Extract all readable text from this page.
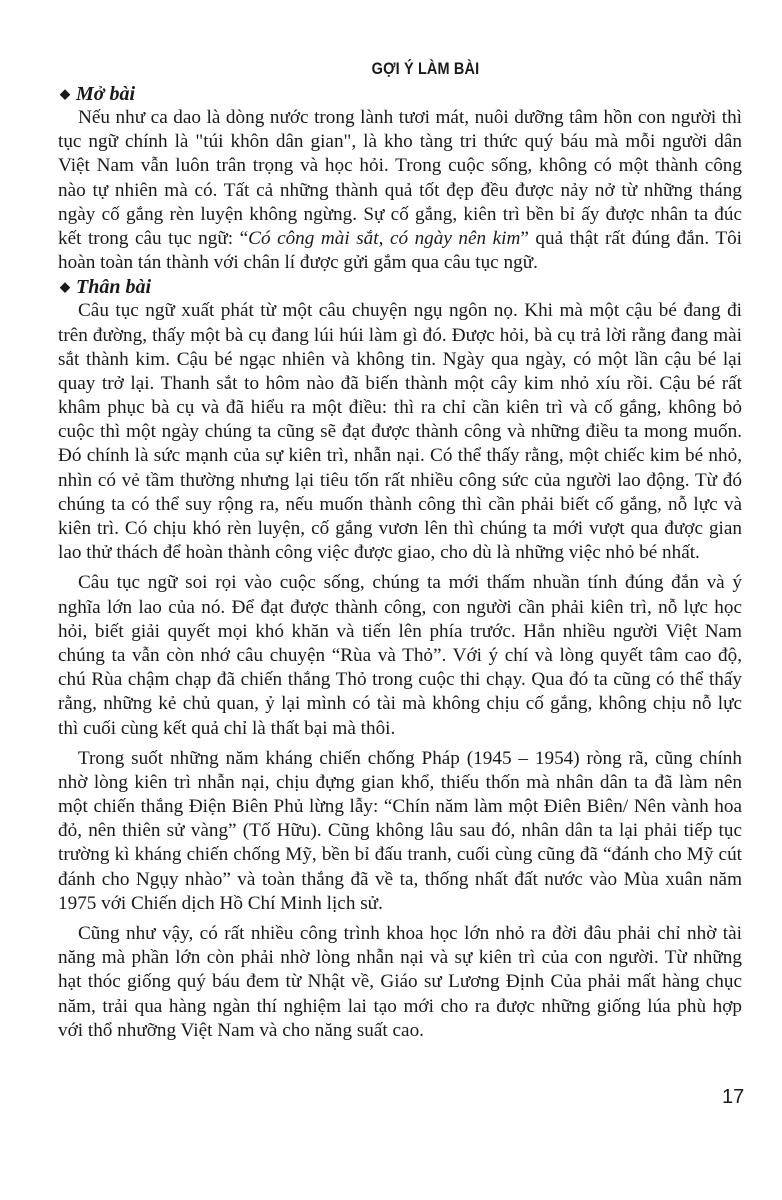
GỢI Ý LÀM BÀI
◆ Mở bài
Nếu như ca dao là dòng nước trong lành tươi mát, nuôi dưỡng tâm hồn con người thì
tục ngữ chính là "túi khôn dân gian", là kho tàng tri thức quý báu mà mỗi người dân
Việt Nam vẫn luôn trân trọng và học hỏi. Trong cuộc sống, không có một thành công
nào tự nhiên mà có. Tất cả những thành quả tốt đẹp đều được nảy nở từ những tháng
ngày cố gắng rèn luyện không ngừng. Sự cố gắng, kiên trì bền bỉ ấy được nhân ta đúc
kết trong câu tục ngữ: “Có công mài sắt, có ngày nên kim” quả thật rất đúng đắn. Tôi
hoàn toàn tán thành với chân lí được gửi gắm qua câu tục ngữ.
◆ Thân bài
Câu tục ngữ xuất phát từ một câu chuyện ngụ ngôn nọ. Khi mà một cậu bé đang đi
trên đường, thấy một bà cụ đang lúi húi làm gì đó. Được hỏi, bà cụ trả lời rằng đang mài
sắt thành kim. Cậu bé ngạc nhiên và không tin. Ngày qua ngày, có một lần cậu bé lại
quay trở lại. Thanh sắt to hôm nào đã biến thành một cây kim nhỏ xíu rồi. Cậu bé rất
khâm phục bà cụ và đã hiểu ra một điều: thì ra chỉ cần kiên trì và cố gắng, không bỏ
cuộc thì một ngày chúng ta cũng sẽ đạt được thành công và những điều ta mong muốn.
Đó chính là sức mạnh của sự kiên trì, nhẫn nại. Có thể thấy rằng, một chiếc kim bé nhỏ,
nhìn có vẻ tầm thường nhưng lại tiêu tốn rất nhiều công sức của người lao động. Từ đó
chúng ta có thể suy rộng ra, nếu muốn thành công thì cần phải biết cố gắng, nỗ lực và
kiên trì. Có chịu khó rèn luyện, cố gắng vươn lên thì chúng ta mới vượt qua được gian
lao thử thách để hoàn thành công việc được giao, cho dù là những việc nhỏ bé nhất.
Câu tục ngữ soi rọi vào cuộc sống, chúng ta mới thấm nhuần tính đúng đắn và ý
nghĩa lớn lao của nó. Để đạt được thành công, con người cần phải kiên trì, nỗ lực học
hỏi, biết giải quyết mọi khó khăn và tiến lên phía trước. Hẳn nhiều người Việt Nam
chúng ta vẫn còn nhớ câu chuyện “Rùa và Thỏ”. Với ý chí và lòng quyết tâm cao độ,
chú Rùa chậm chạp đã chiến thắng Thỏ trong cuộc thi chạy. Qua đó ta cũng có thể thấy
rằng, những kẻ chủ quan, ỷ lại mình có tài mà không chịu cố gắng, không chịu nỗ lực
thì cuối cùng kết quả chỉ là thất bại mà thôi.
Trong suốt những năm kháng chiến chống Pháp (1945 – 1954) ròng rã, cũng chính
nhờ lòng kiên trì nhẫn nại, chịu đựng gian khổ, thiếu thốn mà nhân dân ta đã làm nên
một chiến thắng Điện Biên Phủ lừng lẫy: “Chín năm làm một Điên Biên/ Nên vành hoa
đỏ, nên thiên sử vàng” (Tố Hữu). Cũng không lâu sau đó, nhân dân ta lại phải tiếp tục
trường kì kháng chiến chống Mỹ, bền bỉ đấu tranh, cuối cùng cũng đã “đánh cho Mỹ cút
đánh cho Ngụy nhào” và toàn thắng đã về ta, thống nhất đất nước vào Mùa xuân năm
1975 với Chiến dịch Hồ Chí Minh lịch sử.
Cũng như vậy, có rất nhiều công trình khoa học lớn nhỏ ra đời đâu phải chỉ nhờ tài
năng mà phần lớn còn phải nhờ lòng nhẫn nại và sự kiên trì của con người. Từ những
hạt thóc giống quý báu đem từ Nhật về, Giáo sư Lương Định Của phải mất hàng chục
năm, trải qua hàng ngàn thí nghiệm lai tạo mới cho ra được những giống lúa phù hợp
với thổ nhưỡng Việt Nam và cho năng suất cao.
17
